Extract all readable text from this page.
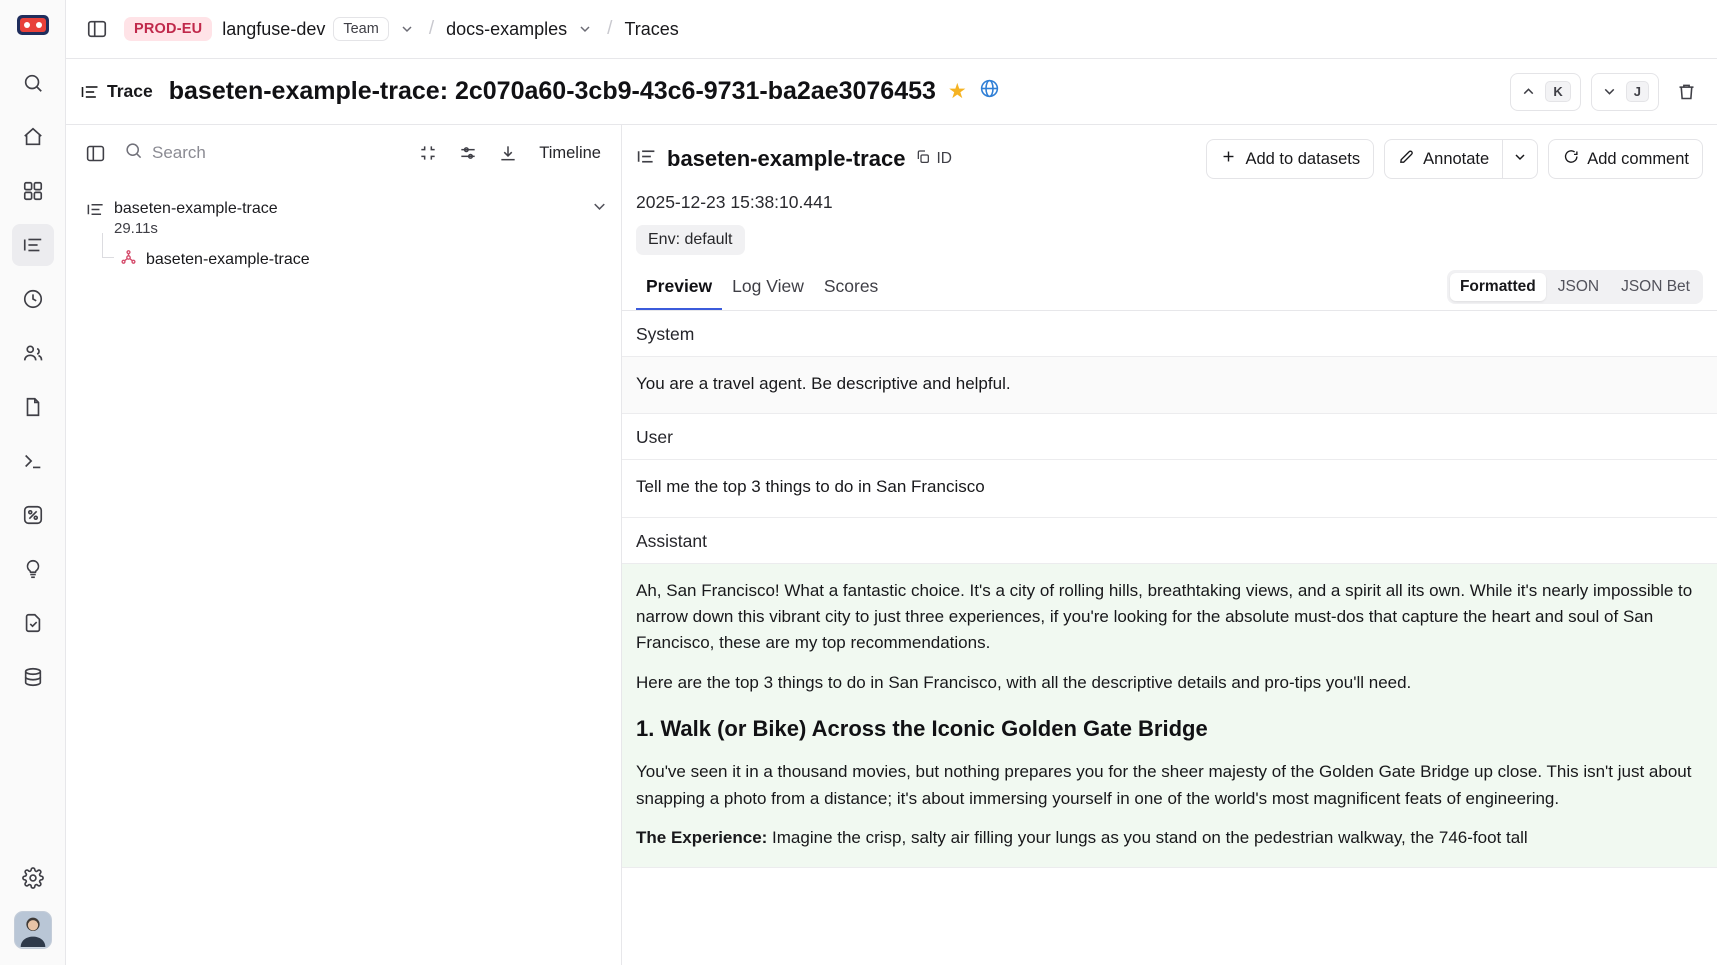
PROD-EU	langfuse-dev	Team	/ docs-examples / Traces
Trace baseten-example-trace: 2c070a60-3cb9-43c6-9731-ba2ae3076453 ★	K	J
Search
Timeline
baseten-example-trace
29.11s
baseten-example-trace
baseten-example-trace ID	Add to datasets	Annotate	Add comment
2025-12-23 15:38:10.441
Env: default
Preview	Log View	Scores	Formatted	JSON	JSON Bet
System

You are a travel agent. Be descriptive and helpful.

User

Tell me the top 3 things to do in San Francisco

Assistant

Ah, San Francisco! What a fantastic choice. It's a city of rolling hills, breathtaking views, and a spirit all its own. While it's nearly impossible to narrow down this vibrant city to just three experiences, if you're looking for the absolute must-dos that capture the heart and soul of San Francisco, these are my top recommendations.

Here are the top 3 things to do in San Francisco, with all the descriptive details and pro-tips you'll need.

1. Walk (or Bike) Across the Iconic Golden Gate Bridge

You've seen it in a thousand movies, but nothing prepares you for the sheer majesty of the Golden Gate Bridge up close. This isn't just about snapping a photo from a distance; it's about immersing yourself in one of the world's most magnificent feats of engineering.

The Experience: Imagine the crisp, salty air filling your lungs as you stand on the pedestrian walkway, the 746-foot tall
